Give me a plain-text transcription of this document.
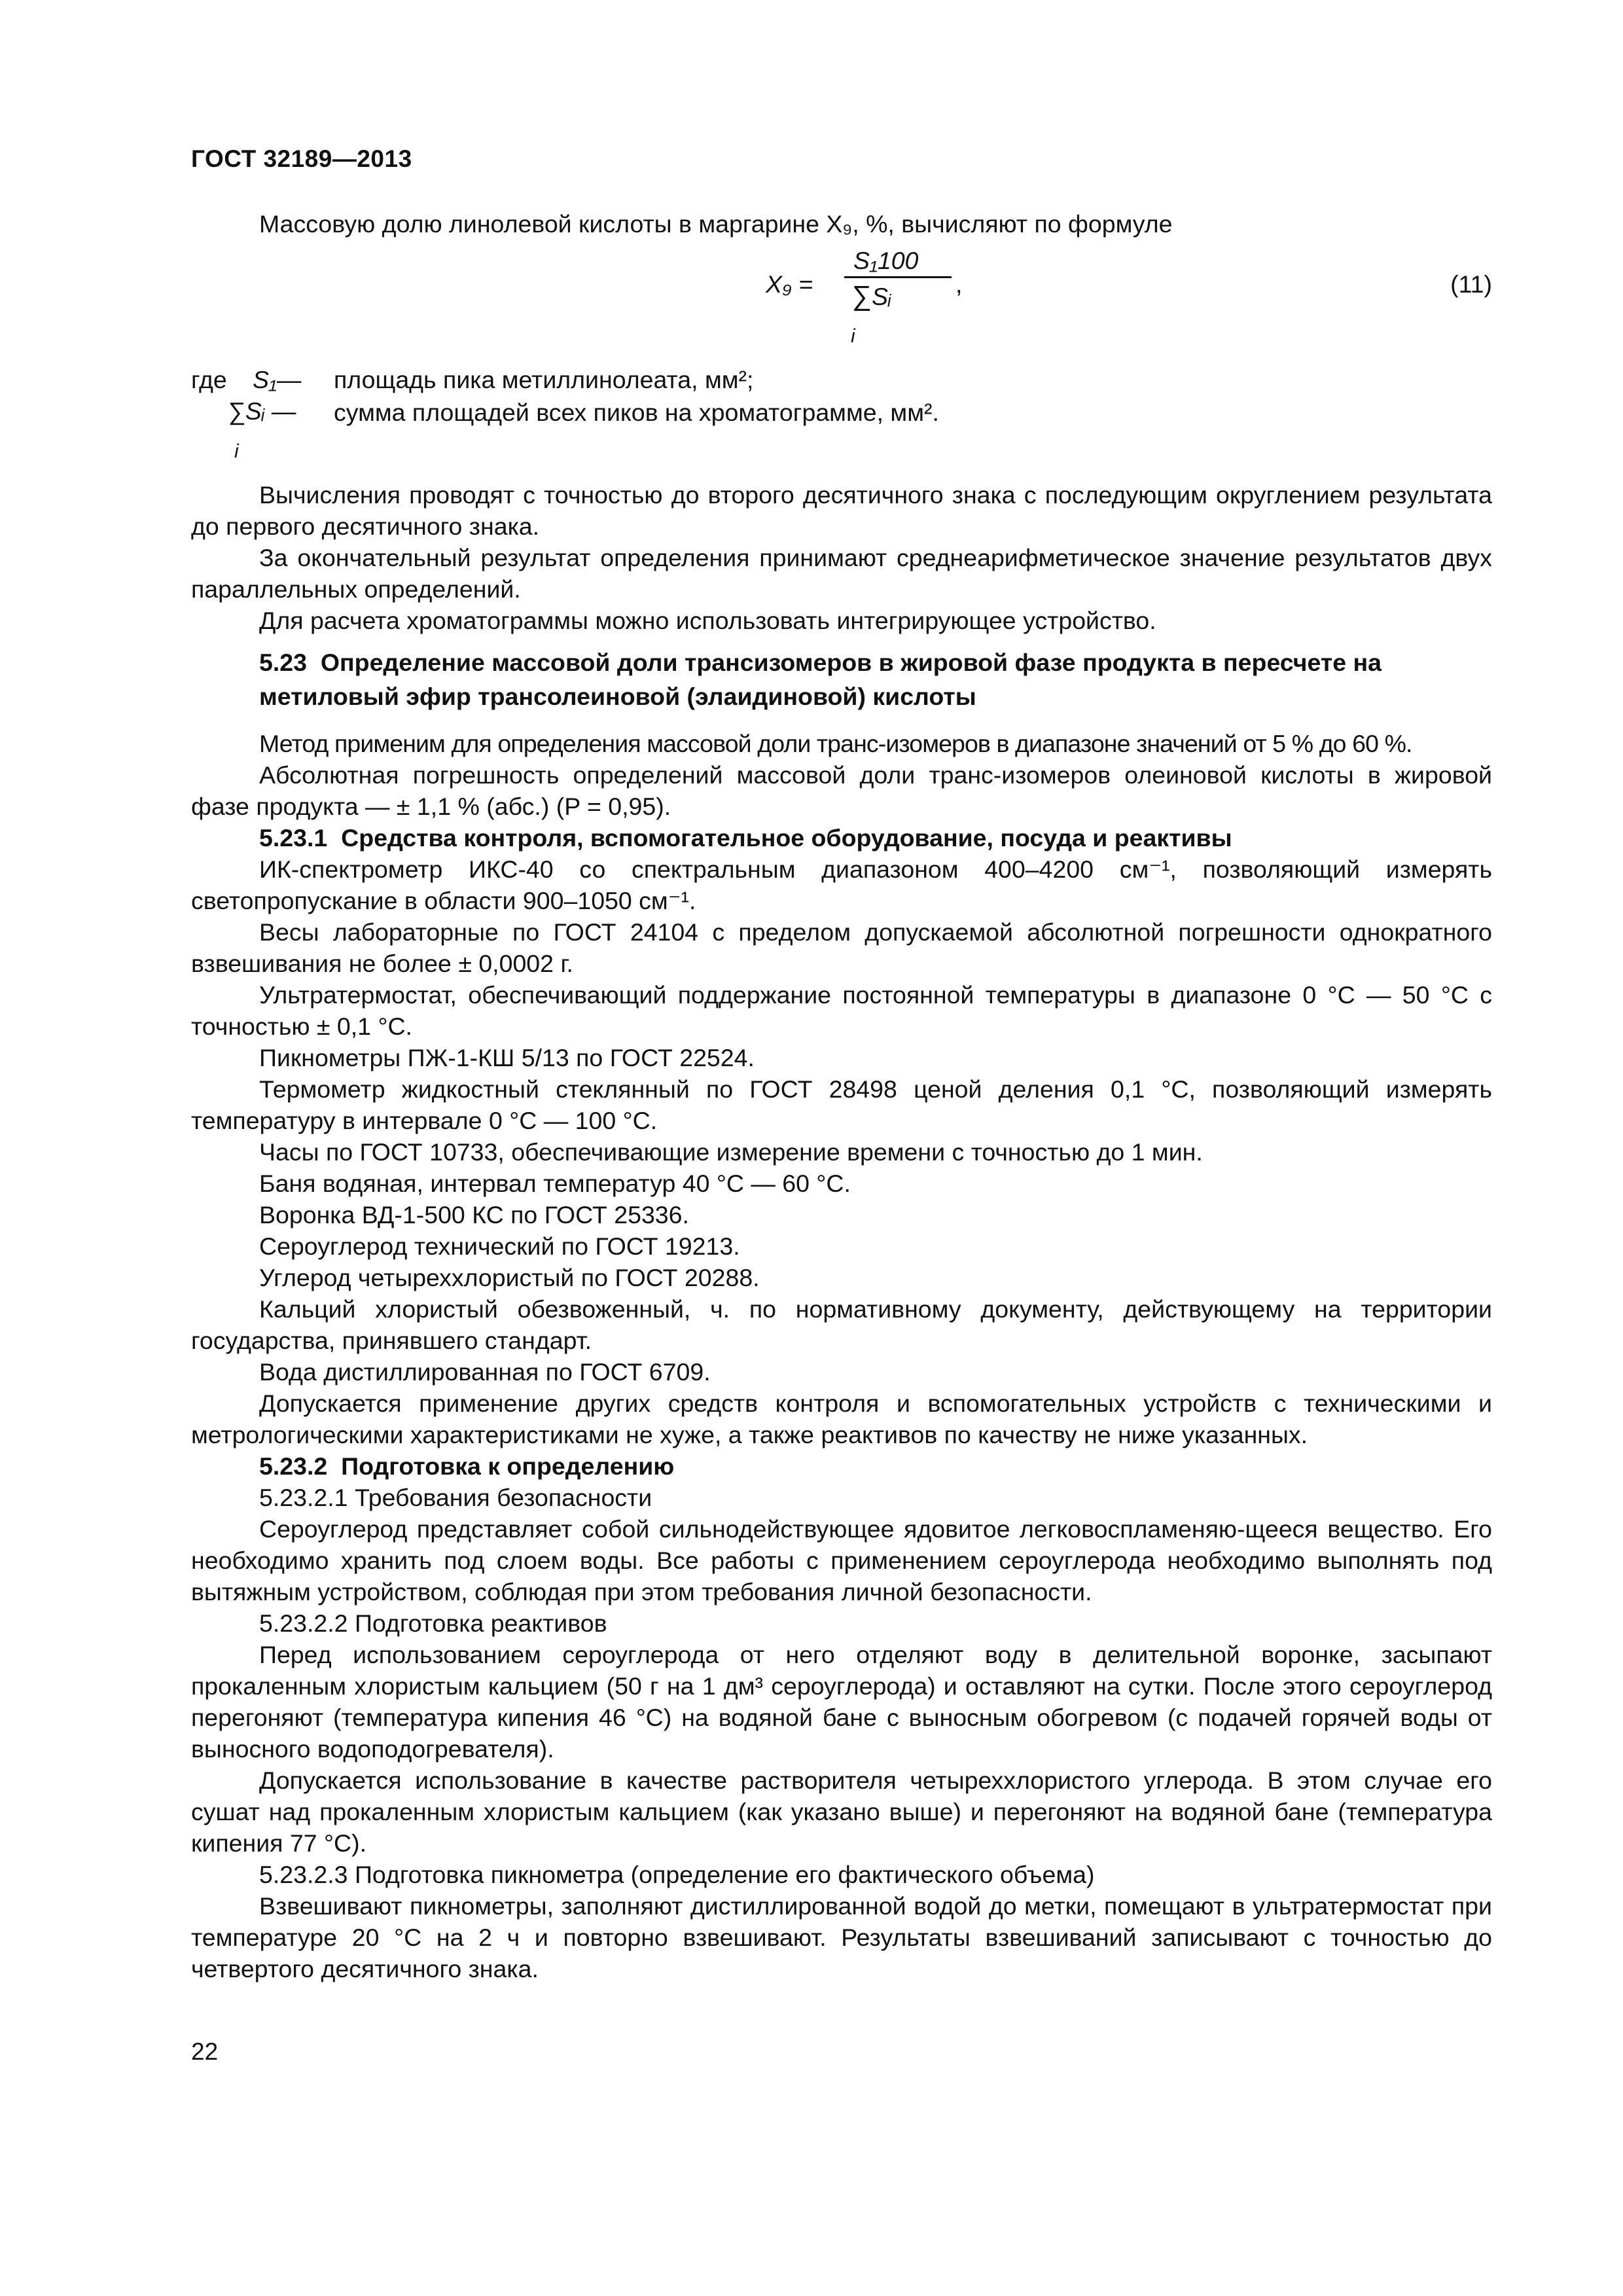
ГОСТ 32189—2013

Массовую долю линолевой кислоты в маргарине X₉, %, вычисляют по формуле

X₉ =
S₁100
∑Sᵢ
i
,	(11)
где S₁— площадь пика метиллинолеата, мм²;
∑Sᵢ —
i
сумма площадей всех пиков на хроматограмме, мм².

Вычисления проводят с точностью до второго десятичного знака с последующим округлением результата до первого десятичного знака.

За окончательный результат определения принимают среднеарифметическое значение результатов двух параллельных определений.

Для расчета хроматограммы можно использовать интегрирующее устройство.

5.23 Определение массовой доли трансизомеров в жировой фазе продукта в пересчете на метиловый эфир трансолеиновой (элаидиновой) кислоты

Метод применим для определения массовой доли транс-изомеров в диапазоне значений от 5 % до 60 %.

Абсолютная погрешность определений массовой доли транс-изомеров олеиновой кислоты в жировой фазе продукта — ± 1,1 % (абс.) (P = 0,95).

5.23.1 Средства контроля, вспомогательное оборудование, посуда и реактивы

ИК-спектрометр ИКС-40 со спектральным диапазоном 400–4200 см⁻¹, позволяющий измерять светопропускание в области 900–1050 см⁻¹.

Весы лабораторные по ГОСТ 24104 с пределом допускаемой абсолютной погрешности однократного взвешивания не более ± 0,0002 г.

Ультратермостат, обеспечивающий поддержание постоянной температуры в диапазоне 0 °С — 50 °С с точностью ± 0,1 °С.

Пикнометры ПЖ-1-КШ 5/13 по ГОСТ 22524.

Термометр жидкостный стеклянный по ГОСТ 28498 ценой деления 0,1 °С, позволяющий измерять температуру в интервале 0 °С — 100 °С.

Часы по ГОСТ 10733, обеспечивающие измерение времени с точностью до 1 мин.

Баня водяная, интервал температур 40 °С — 60 °С.

Воронка ВД-1-500 КС по ГОСТ 25336.

Сероуглерод технический по ГОСТ 19213.

Углерод четыреххлористый по ГОСТ 20288.

Кальций хлористый обезвоженный, ч. по нормативному документу, действующему на территории государства, принявшего стандарт.

Вода дистиллированная по ГОСТ 6709.

Допускается применение других средств контроля и вспомогательных устройств с техническими и метрологическими характеристиками не хуже, а также реактивов по качеству не ниже указанных.

5.23.2 Подготовка к определению

5.23.2.1 Требования безопасности

Сероуглерод представляет собой сильнодействующее ядовитое легковоспламеняю-щееся вещество. Его необходимо хранить под слоем воды. Все работы с применением сероуглерода необходимо выполнять под вытяжным устройством, соблюдая при этом требования личной безопасности.

5.23.2.2 Подготовка реактивов

Перед использованием сероуглерода от него отделяют воду в делительной воронке, засыпают прокаленным хлористым кальцием (50 г на 1 дм³ сероуглерода) и оставляют на сутки. После этого сероуглерод перегоняют (температура кипения 46 °С) на водяной бане с выносным обогревом (с подачей горячей воды от выносного водоподогревателя).

Допускается использование в качестве растворителя четыреххлористого углерода. В этом случае его сушат над прокаленным хлористым кальцием (как указано выше) и перегоняют на водяной бане (температура кипения 77 °С).

5.23.2.3 Подготовка пикнометра (определение его фактического объема)

Взвешивают пикнометры, заполняют дистиллированной водой до метки, помещают в ультратермостат при температуре 20 °С на 2 ч и повторно взвешивают. Результаты взвешиваний записывают с точностью до четвертого десятичного знака.

22
